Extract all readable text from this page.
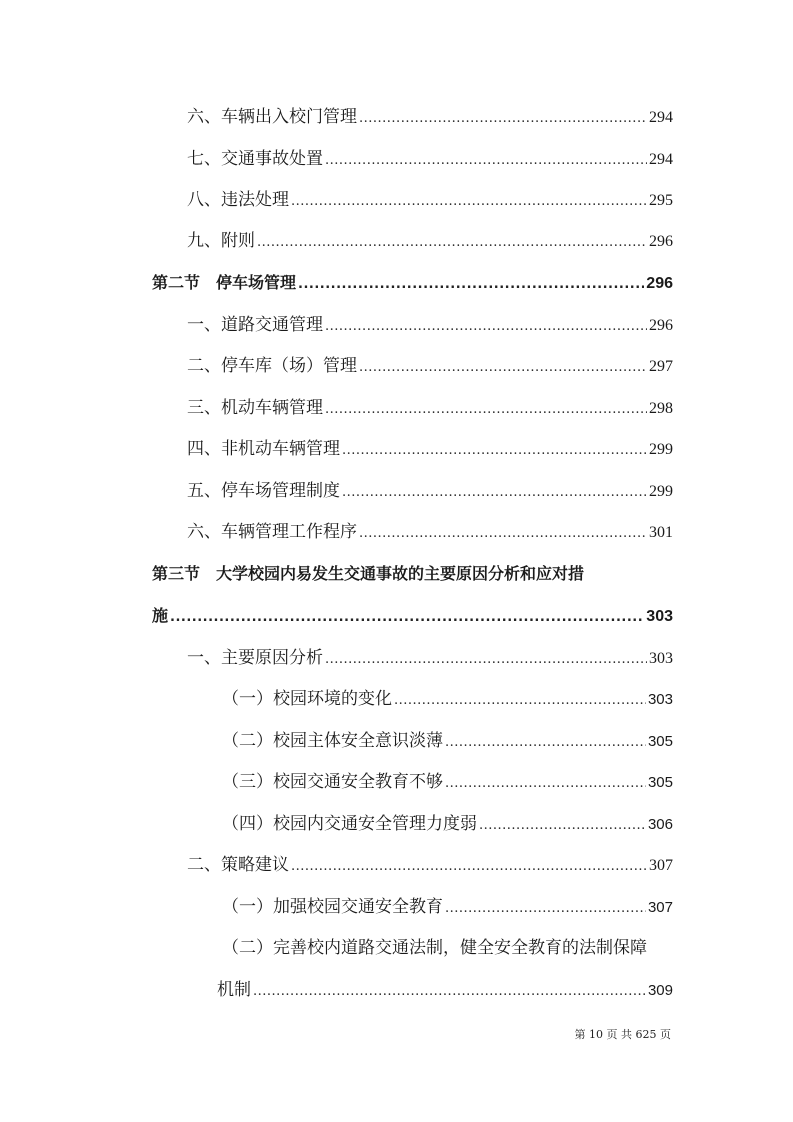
六、车辆出入校门管理 .....	294
七、交通事故处置 .....	294
八、违法处理 .....	295
九、附则 .....	296
第二节　停车场管理 .....	296
一、道路交通管理 .....	296
二、停车库（场）管理 .....	297
三、机动车辆管理 .....	298
四、非机动车辆管理 .....	299
五、停车场管理制度 .....	299
六、车辆管理工作程序 .....	301
第三节　大学校园内易发生交通事故的主要原因分析和应对措
施 .....	303
一、主要原因分析 .....	303
（一）校园环境的变化 .....	303
（二）校园主体安全意识淡薄 .....	305
（三）校园交通安全教育不够 .....	305
（四）校园内交通安全管理力度弱 .....	306
二、策略建议 .....	307
（一）加强校园交通安全教育 .....	307
（二）完善校内道路交通法制，健全安全教育的法制保障
机制 .....	309
第 10 页 共 625 页
